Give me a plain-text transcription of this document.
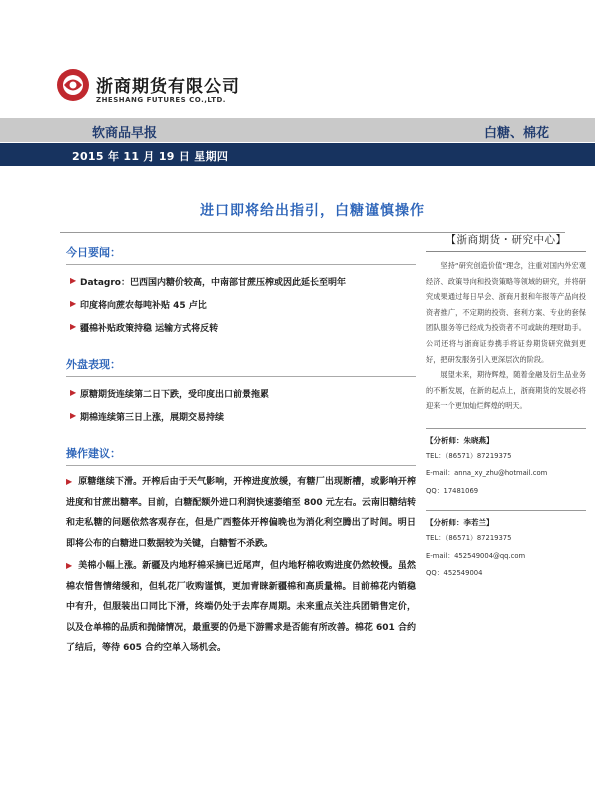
浙商期货有限公司
ZHESHANG FUTURES CO.,LTD.
软商品早报	白糖、棉花
2015 年 11 月 19 日 星期四
进口即将给出指引，白糖谨慎操作

今日要闻：

▶ Datagro：巴西国内糖价较高，中南部甘蔗压榨或因此延长至明年
▶ 印度将向蔗农每吨补贴 45 卢比
▶ 疆棉补贴政策持稳 运输方式将反转

外盘表现：

▶ 原糖期货连续第二日下跌，受印度出口前景拖累
▶ 期棉连续第三日上涨，展期交易持续

操作建议：

▶ 原糖继续下滑。开榨后由于天气影响，开榨进度放缓，有糖厂出现断槽，或影响开榨进度和甘蔗出糖率。目前，白糖配额外进口利润快速萎缩至 800 元左右。云南旧糖结转和走私糖的问题依然客观存在，但是广西整体开榨偏晚也为消化利空腾出了时间。明日即将公布的白糖进口数据较为关键，白糖暂不杀跌。

▶ 美棉小幅上涨。新疆及内地籽棉采摘已近尾声，但内地籽棉收购进度仍然较慢。虽然棉农惜售情绪缓和，但轧花厂收购谨慎，更加青睐新疆棉和高质量棉。目前棉花内销稳中有升，但服装出口同比下滑，终端仍处于去库存周期。未来重点关注兵团销售定价，以及仓单棉的品质和抛储情况，最重要的仍是下游需求是否能有所改善。棉花 601 合约了结后，等待 605 合约空单入场机会。

【浙商期货・研究中心】

坚持“研究创造价值”理念，注重对国内外宏观经济、政策导向和投资策略等领域的研究，并将研究成果通过每日早会、浙商月报和年报等产品向投资者推广，不定期的投资、套利方案、专业的套保团队服务等已经成为投资者不可或缺的理财助手。公司还将与浙商证券携手将证券期货研究做到更好，把研发服务引入更深层次的阶段。

展望未来，期待辉煌，随着金融及衍生品业务的不断发展，在新的起点上，浙商期货的发展必将迎来一个更加灿烂辉煌的明天。

【分析师：朱晓燕】

TEL：（86571）87219375
E-mail：anna_xy_zhu@hotmail.com
QQ：17481069

【分析师：李若兰】

TEL：（86571）87219375
E-mail：452549004@qq.com
QQ：452549004
